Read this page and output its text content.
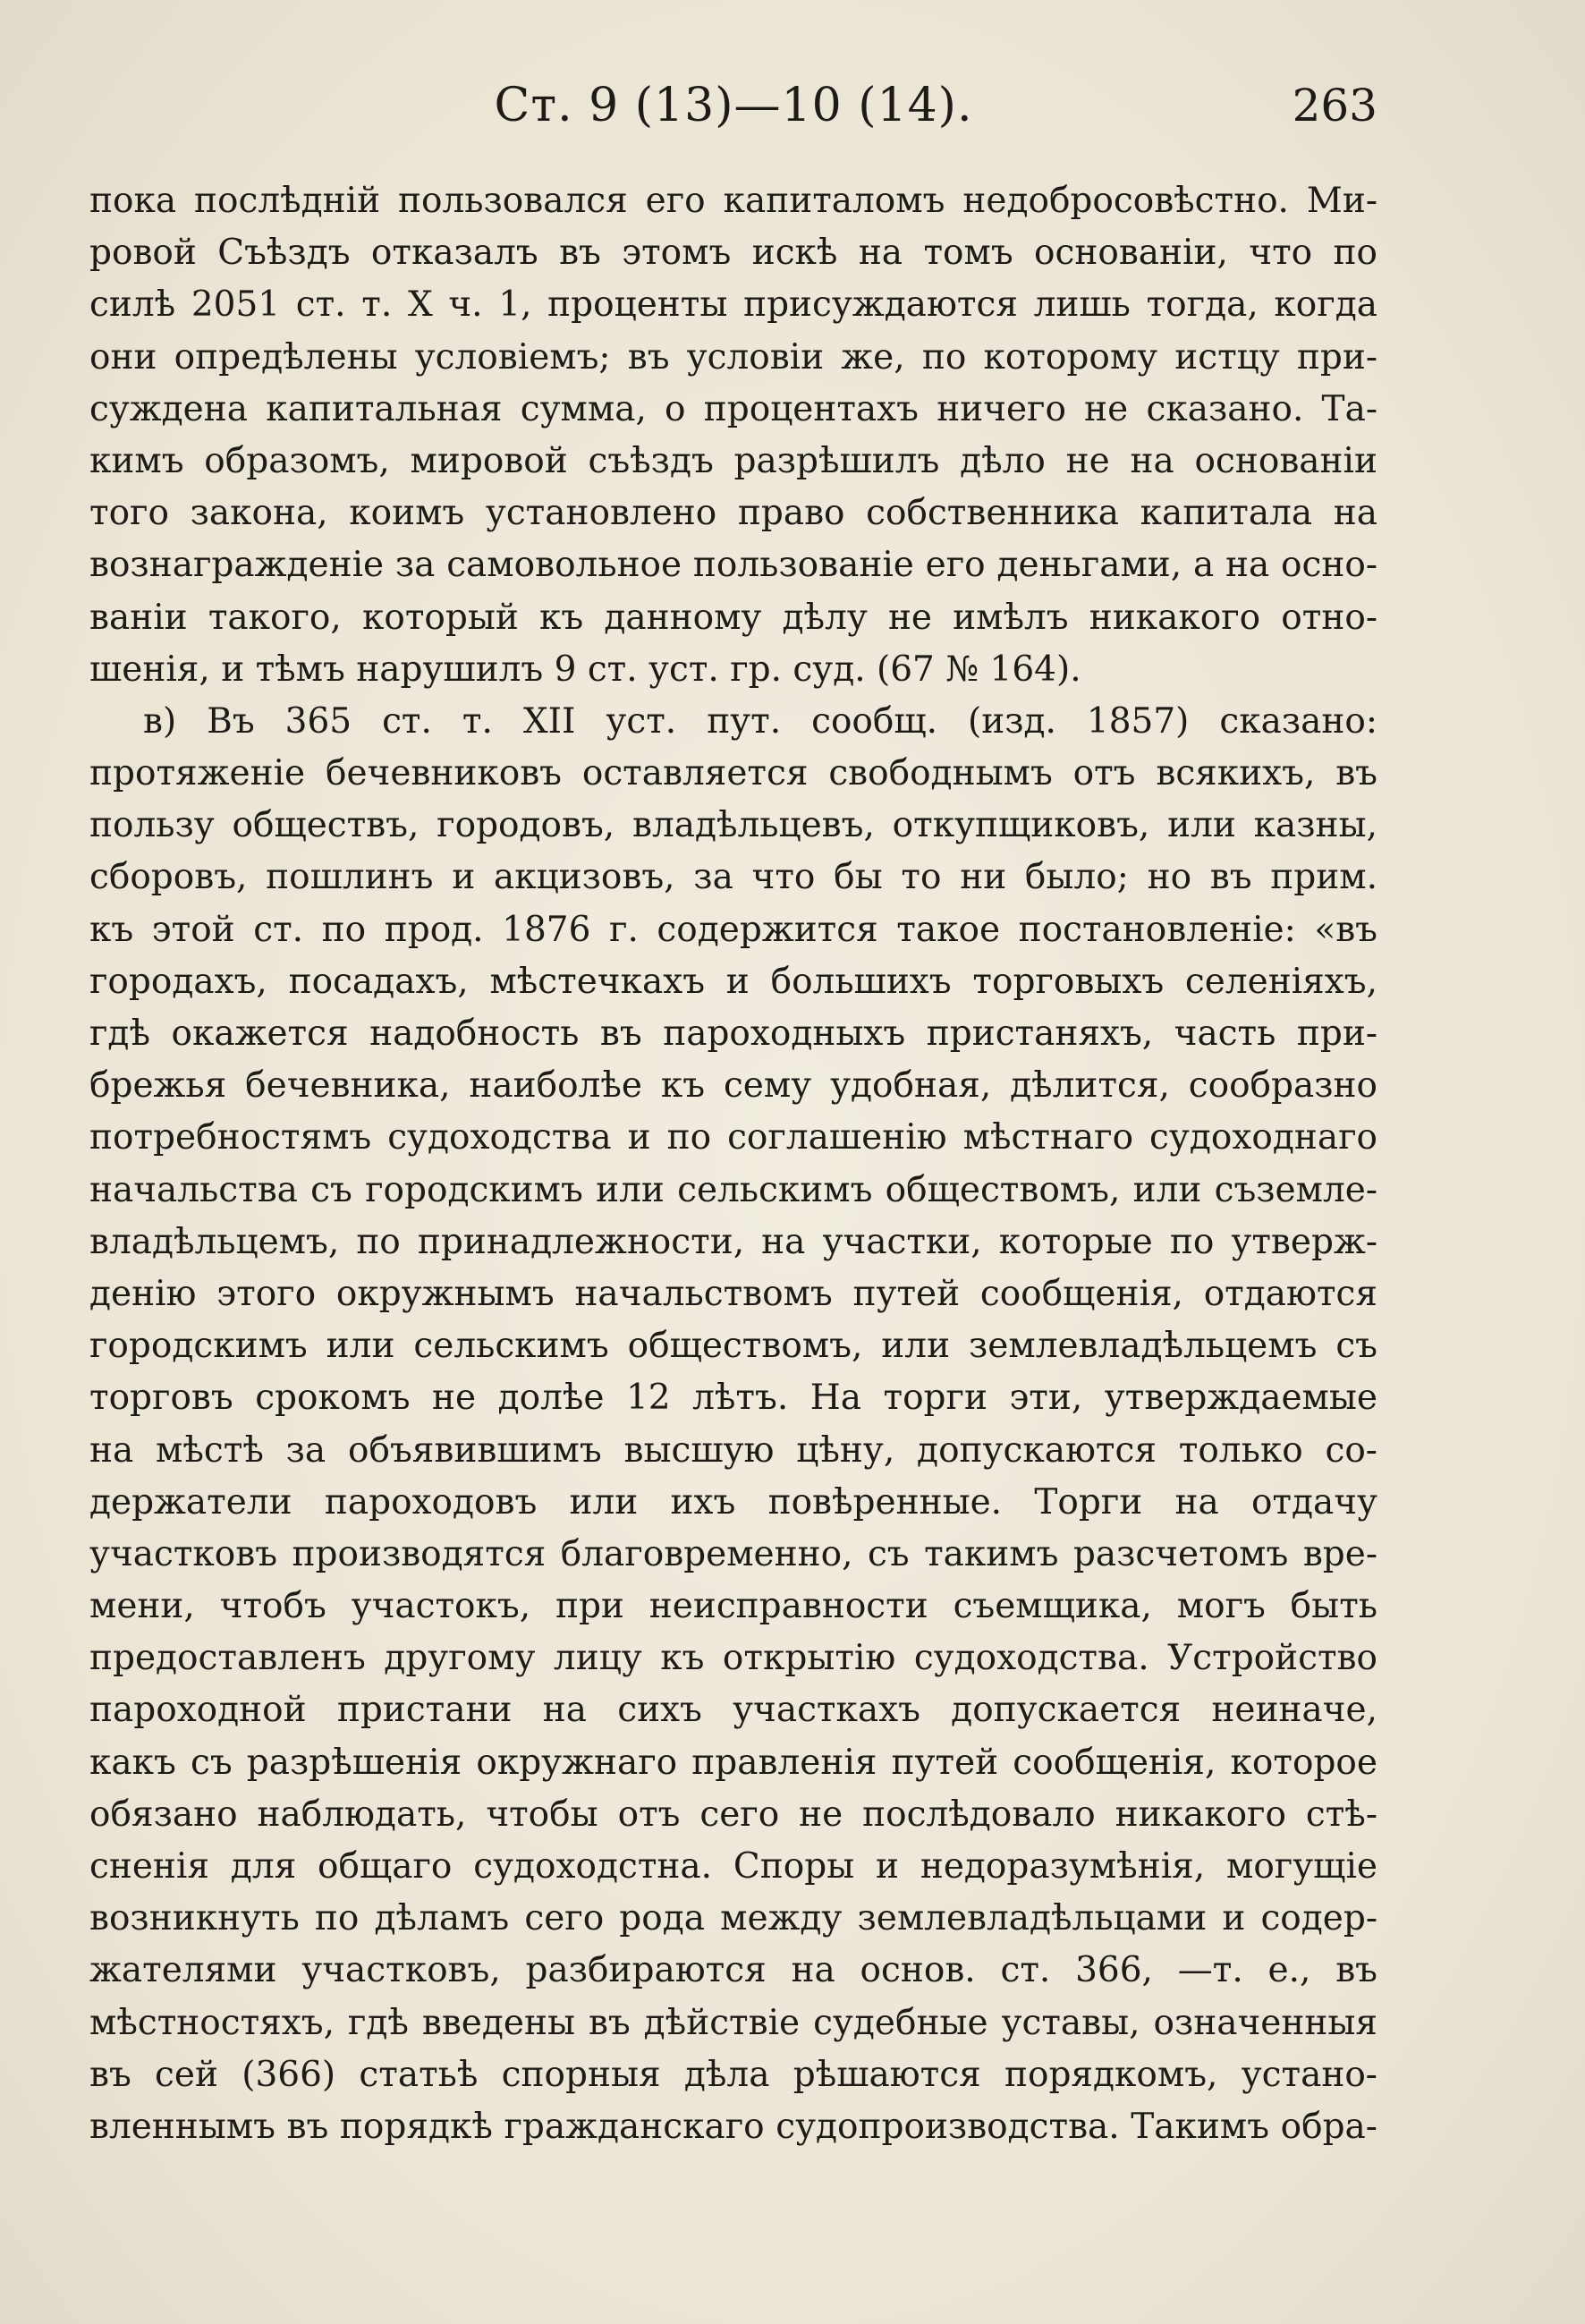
Ст. 9 (13)—10 (14).	263
пока послѣднiй пользовался его капиталомъ недобросовѣстно. Ми-
ровой Съѣздъ отказалъ въ этомъ искѣ на томъ основанiи, что по
силѣ 2051 ст. т. X ч. 1, проценты присуждаются лишь тогда, когда
они опредѣлены условiемъ; въ условiи же, по которому истцу при-
суждена капитальная сумма, о процентахъ ничего не сказано. Та-
кимъ образомъ, мировой съѣздъ разрѣшилъ дѣло не на основанiи
того закона, коимъ установлено право собственника капитала на
вознагражденiе за самовольное пользованiе его деньгами, а на осно-
ванiи такого, который къ данному дѣлу не имѣлъ никакого отно-
шенiя, и тѣмъ нарушилъ 9 ст. уст. гр. суд. (67 № 164).
в) Въ 365 ст. т. XII уст. пут. сообщ. (изд. 1857) сказано:
протяженiе бечевниковъ оставляется свободнымъ отъ всякихъ, въ
пользу обществъ, городовъ, владѣльцевъ, откупщиковъ, или казны,
сборовъ, пошлинъ и акцизовъ, за что бы то ни было; но въ прим.
къ этой ст. по прод. 1876 г. содержится такое постановленiе: «въ
городахъ, посадахъ, мѣстечкахъ и большихъ торговыхъ селенiяхъ,
гдѣ окажется надобность въ пароходныхъ пристаняхъ, часть при-
брежья бечевника, наиболѣе къ сему удобная, дѣлится, сообразно
потребностямъ судоходства и по соглашенiю мѣстнаго судоходнаго
начальства съ городскимъ или сельскимъ обществомъ, или съземле-
владѣльцемъ, по принадлежности, на участки, которые по утверж-
денiю этого окружнымъ начальствомъ путей сообщенiя, отдаются
городскимъ или сельскимъ обществомъ, или землевладѣльцемъ съ
торговъ срокомъ не долѣе 12 лѣтъ. На торги эти, утверждаемые
на мѣстѣ за объявившимъ высшую цѣну, допускаются только со-
держатели пароходовъ или ихъ повѣренные. Торги на отдачу
участковъ производятся благовременно, съ такимъ разсчетомъ вре-
мени, чтобъ участокъ, при неисправности съемщика, могъ быть
предоставленъ другому лицу къ открытiю судоходства. Устройство
пароходной пристани на сихъ участкахъ допускается неиначе,
какъ съ разрѣшенiя окружнаго правленiя путей сообщенiя, которое
обязано наблюдать, чтобы отъ сего не послѣдовало никакого стѣ-
сненiя для общаго судоходстна. Споры и недоразумѣнiя, могущiе
возникнуть по дѣламъ сего рода между землевладѣльцами и содер-
жателями участковъ, разбираются на основ. ст. 366, —т. е., въ
мѣстностяхъ, гдѣ введены въ дѣйствiе судебные уставы, означенныя
въ сей (366) статьѣ спорныя дѣла рѣшаются порядкомъ, устано-
вленнымъ въ порядкѣ гражданскаго судопроизводства. Такимъ обра-
